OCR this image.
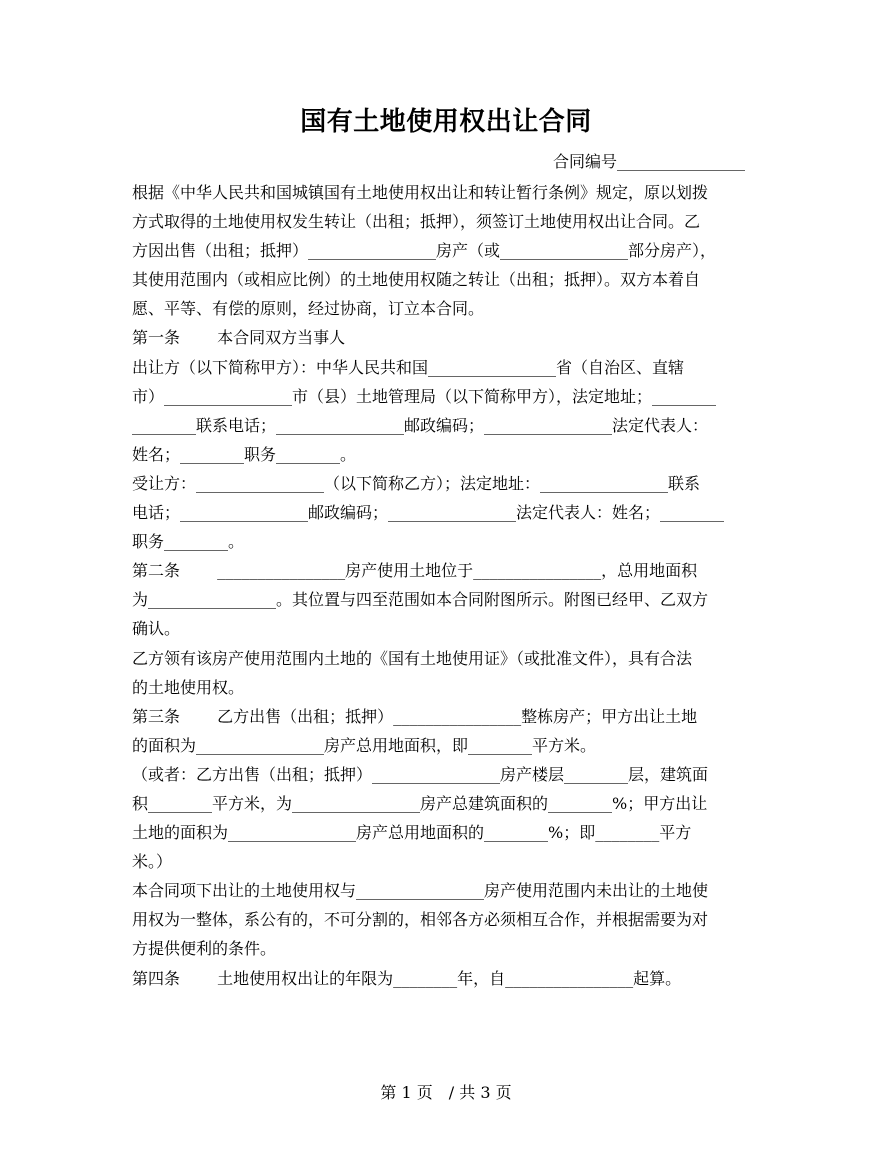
国有土地使用权出让合同
合同编号________________
根据《中华人民共和国城镇国有土地使用权出让和转让暂行条例》规定，原以划拨
方式取得的土地使用权发生转让（出租；抵押），须签订土地使用权出让合同。乙
方因出售（出租；抵押）________________房产（或________________部分房产），
其使用范围内（或相应比例）的土地使用权随之转让（出租；抵押）。双方本着自
愿、平等、有偿的原则，经过协商，订立本合同。
第一条　　 本合同双方当事人
出让方（以下简称甲方）：中华人民共和国________________省（自治区、直辖
市）________________市（县）土地管理局（以下简称甲方），法定地址；________
________联系电话；________________邮政编码；________________法定代表人：
姓名；________职务________。
受让方：________________（以下简称乙方）；法定地址：________________联系
电话；________________邮政编码；________________法定代表人：姓名；________
职务________。
第二条　　 ________________房产使用土地位于________________，总用地面积
为________________。其位置与四至范围如本合同附图所示。附图已经甲、乙双方
确认。
乙方领有该房产使用范围内土地的《国有土地使用证》（或批准文件），具有合法
的土地使用权。
第三条　　 乙方出售（出租；抵押）________________整栋房产；甲方出让土地
的面积为________________房产总用地面积，即________平方米。
（或者：乙方出售（出租；抵押）________________房产楼层________层，建筑面
积________平方米，为________________房产总建筑面积的________%；甲方出让
土地的面积为________________房产总用地面积的________%；即________平方
米。）
本合同项下出让的土地使用权与________________房产使用范围内未出让的土地使
用权为一整体，系公有的，不可分割的，相邻各方必须相互合作，并根据需要为对
方提供便利的条件。
第四条　　 土地使用权出让的年限为________年，自________________起算。
第 1 页　/ 共 3 页
